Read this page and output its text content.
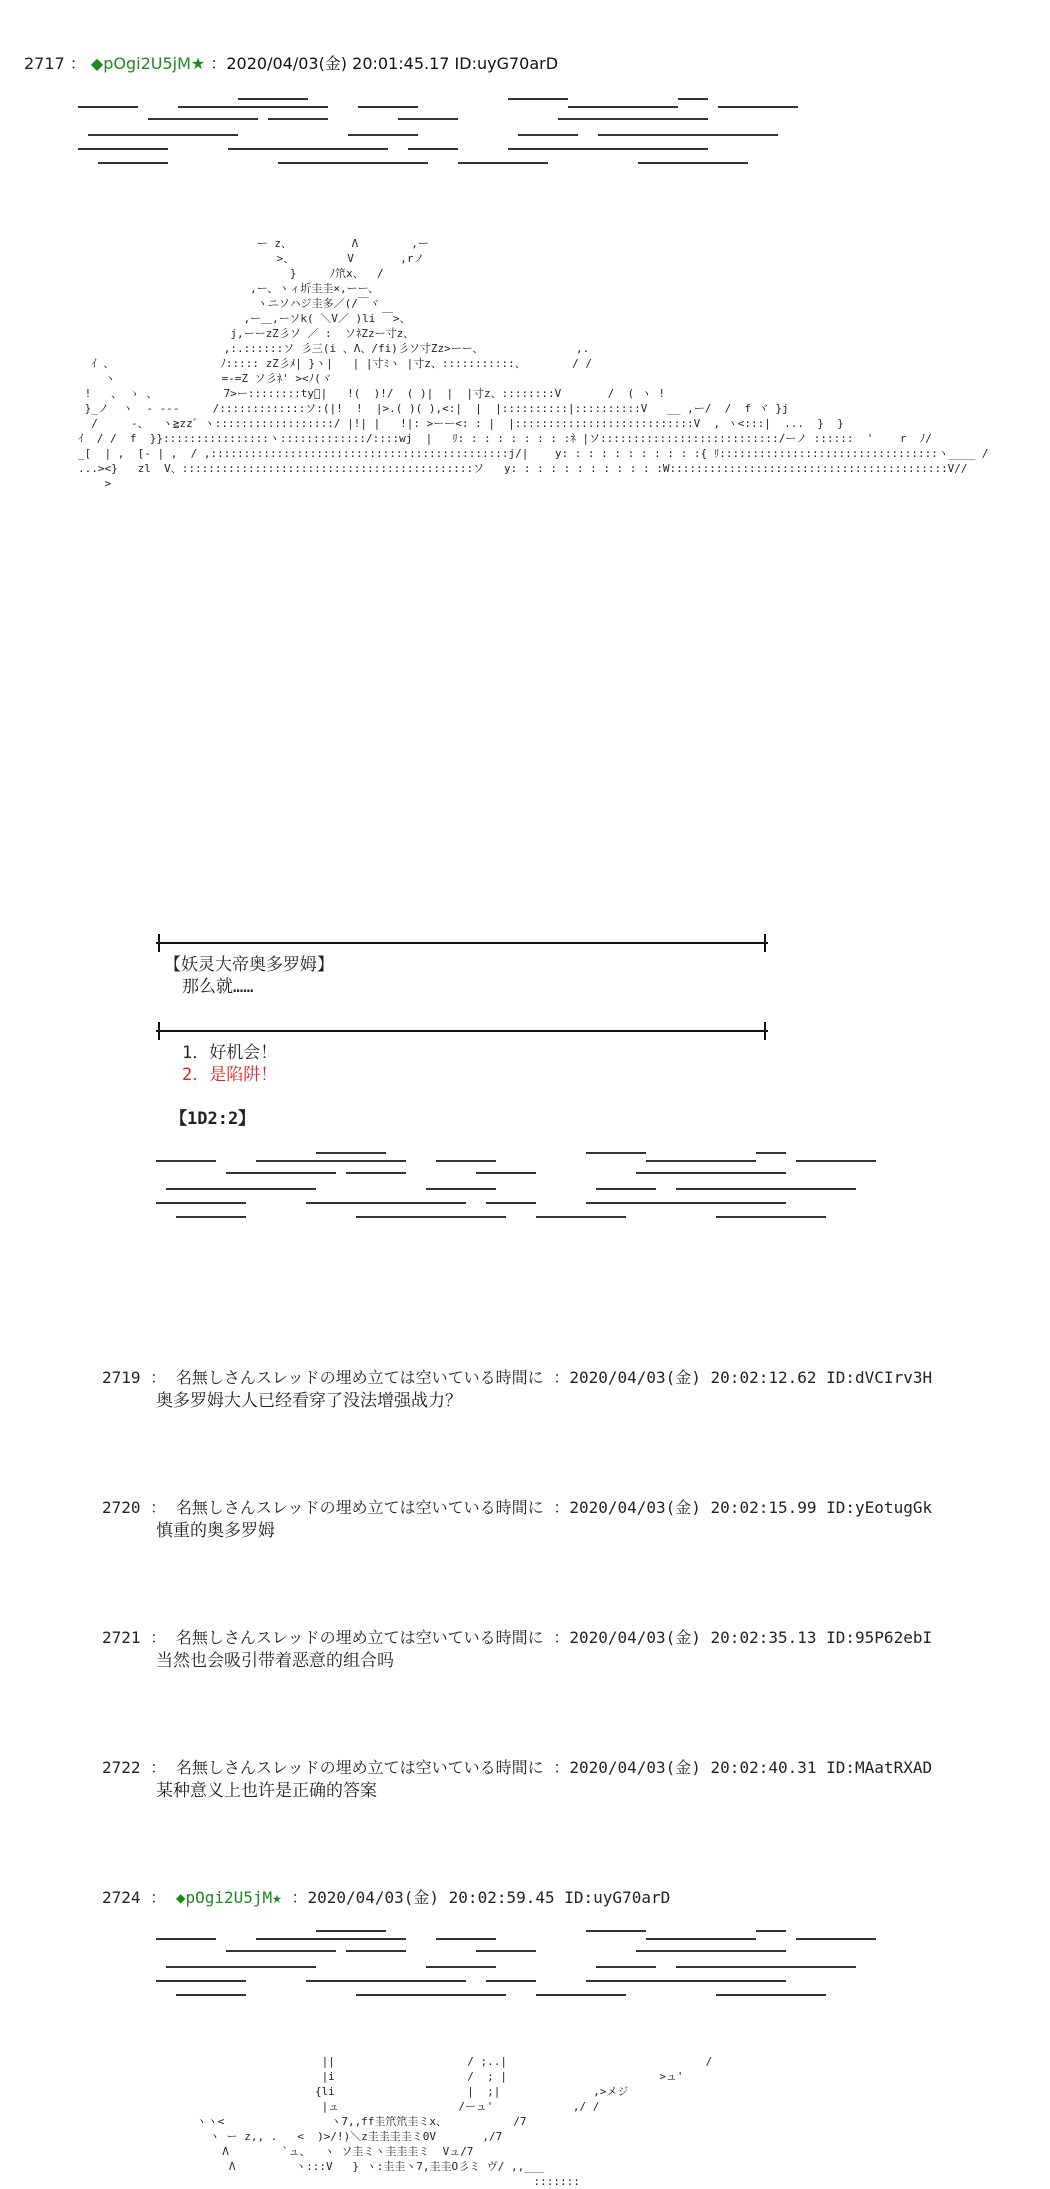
2717 ： ◆pOgi2U5jM★ ：2020/04/03(金) 20:01:45.17 ID:uyG70arD
ー z、         Λ        ,ー
>、        V       ,rノ
}     ﾉ笊x、  /
,ー、ヽィ圻圭圭×,ーー、
ヽニソハジ圭多／(/￣ヾ
,ー＿,ーソk( ＼V／ )li ￣>、
j,ーーzZ彡ソ ／ :  ソﾈZzー寸z、
,:.::::::ソ 彡三(i 、Λ、/fi)彡ソ寸Zz>ーー、              ,.
ｲ 、                ﾉ::::: zZ彡ﾒ| }ヽ|   | |寸ﾐヽ |寸z、:::::::::::、       / /
ヽ                =-=Z ソ彡ﾈ' ><ﾉ(ヾ
!   、 ゝ 、          7>ー::::::::ty゙|   !(  )!/  ( )|  |  |寸z、::::::::V       /  ( ヽ !
}_ノ  ヽ  - ---     /:::::::::::::ソ:(|!  !  |>.( )( ),<:|  |  |::::::::::|::::::::::V   __ ,ー/  /  f ヾ }j
/     -、  ヽ≧zz゛ヽ::::::::::::::::::/ |!| |   !|: >ーー<: : |  |:::::::::::::::::::::::::::V  , ヽ<:::|  ...  }  }
ｲ  / /  f  }}::::::::::::::::ヽ:::::::::::::/::::wj  |   ﾘ: : : : : : : : :ﾈ |ソ:::::::::::::::::::::::::::/ーノ ::::::  '    r  ﾉ/
_[  | ,  [- | ,  / ,:::::::::::::::::::::::::::::::::::::::::::::j/|    y: : : : : : : : : : :{ ﾘ:::::::::::::::::::::::::::::::::ヽ____ /
...><}   zl  V、::::::::::::::::::::::::::::::::::::::::::::ソ   y: : : : : : : : : : : :W::::::::::::::::::::::::::::::::::::::::::V//
>

【妖灵大帝奥多罗姆】

那么就……

1．好机会！

2．是陷阱！

【1D2:2】

2719 ： 名無しさんスレッドの埋め立ては空いている時間に ：2020/04/03(金) 20:02:12.62 ID:dVCIrv3H

奥多罗姆大人已经看穿了没法增强战力？

2720 ： 名無しさんスレッドの埋め立ては空いている時間に ：2020/04/03(金) 20:02:15.99 ID:yEotugGk

慎重的奥多罗姆

2721 ： 名無しさんスレッドの埋め立ては空いている時間に ：2020/04/03(金) 20:02:35.13 ID:95P62ebI

当然也会吸引带着恶意的组合吗

2722 ： 名無しさんスレッドの埋め立ては空いている時間に ：2020/04/03(金) 20:02:40.31 ID:MAatRXAD

某种意义上也许是正确的答案

2724 ： ◆pOgi2U5jM★ ：2020/04/03(金) 20:02:59.45 ID:uyG70arD

||                    / ;..|                              /
|i                    /  ; |                       >ュ'
{li                    |  ;|              ,>メジ
|ュ                  /ーュ'            ,/ /
ヽヽ<                ヽ7,,ff圭笊笊圭ミx、          /7
ヽ ー z,, .   <  )>/!)＼z圭圭圭圭ミ0V       ,/7
Λ        `ュ、  ヽ ソ圭ミヽ圭圭圭ミ  Vュ/7
Λ         ヽ:::V   } ヽ:圭圭ヽ7,圭圭O彡ミ ヴ/ ,,___
:::::::
